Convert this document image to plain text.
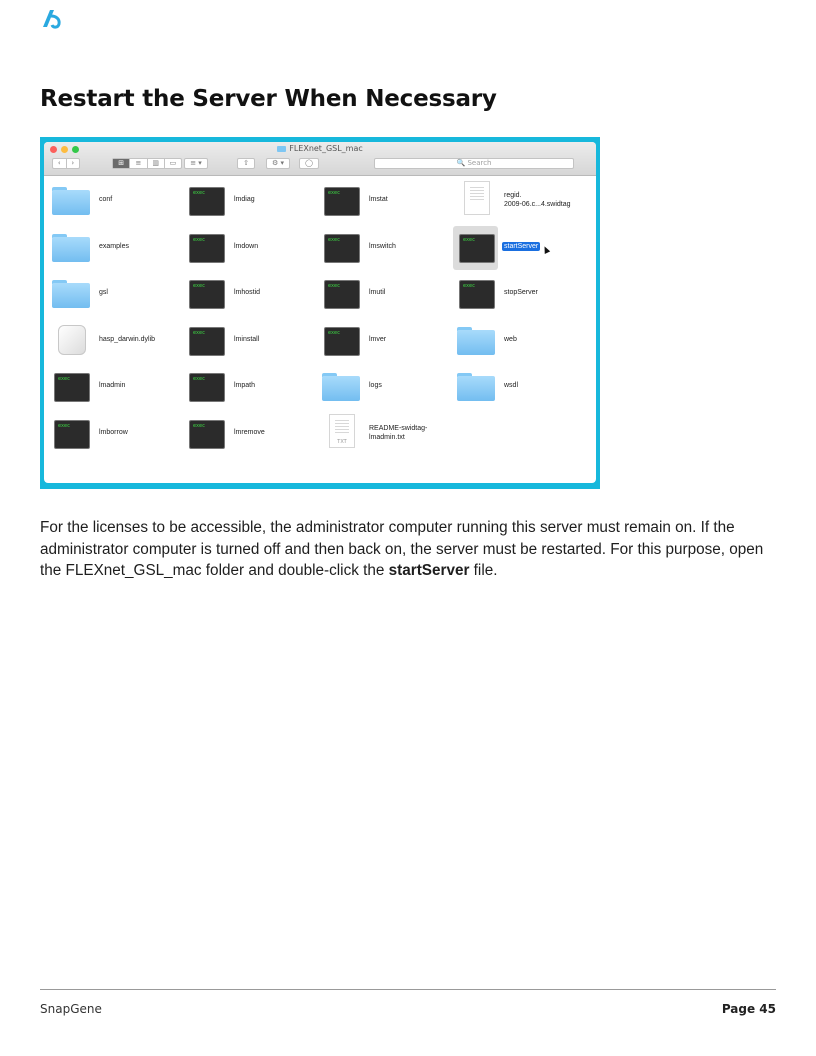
Restart the Server When Necessary
FLEXnet_GSL_mac
‹	›	⊞	≡	▥	▭	≡ ▾	⇧	⚙ ▾	◯	🔍 Search
conf
exec
lmdiag
exec
lmstat
regid.
2009-06.c...4.swidtag
examples
exec
lmdown
exec
lmswitch
exec
startServer
gsl
exec
lmhostid
exec
lmutil
exec
stopServer
hasp_darwin.dylib
exec
lminstall
exec
lmver	web
exec
lmadmin
exec
lmpath	logs	wsdl
exec
lmborrow
exec
lmremove
TXT
README-swidtag-
lmadmin.txt

For the licenses to be accessible, the administrator computer running this server must remain on. If the administrator computer is turned off and then back on, the server must be restarted. For this purpose, open the FLEXnet_GSL_mac folder and double-click the startServer file.

SnapGene	Page 45
